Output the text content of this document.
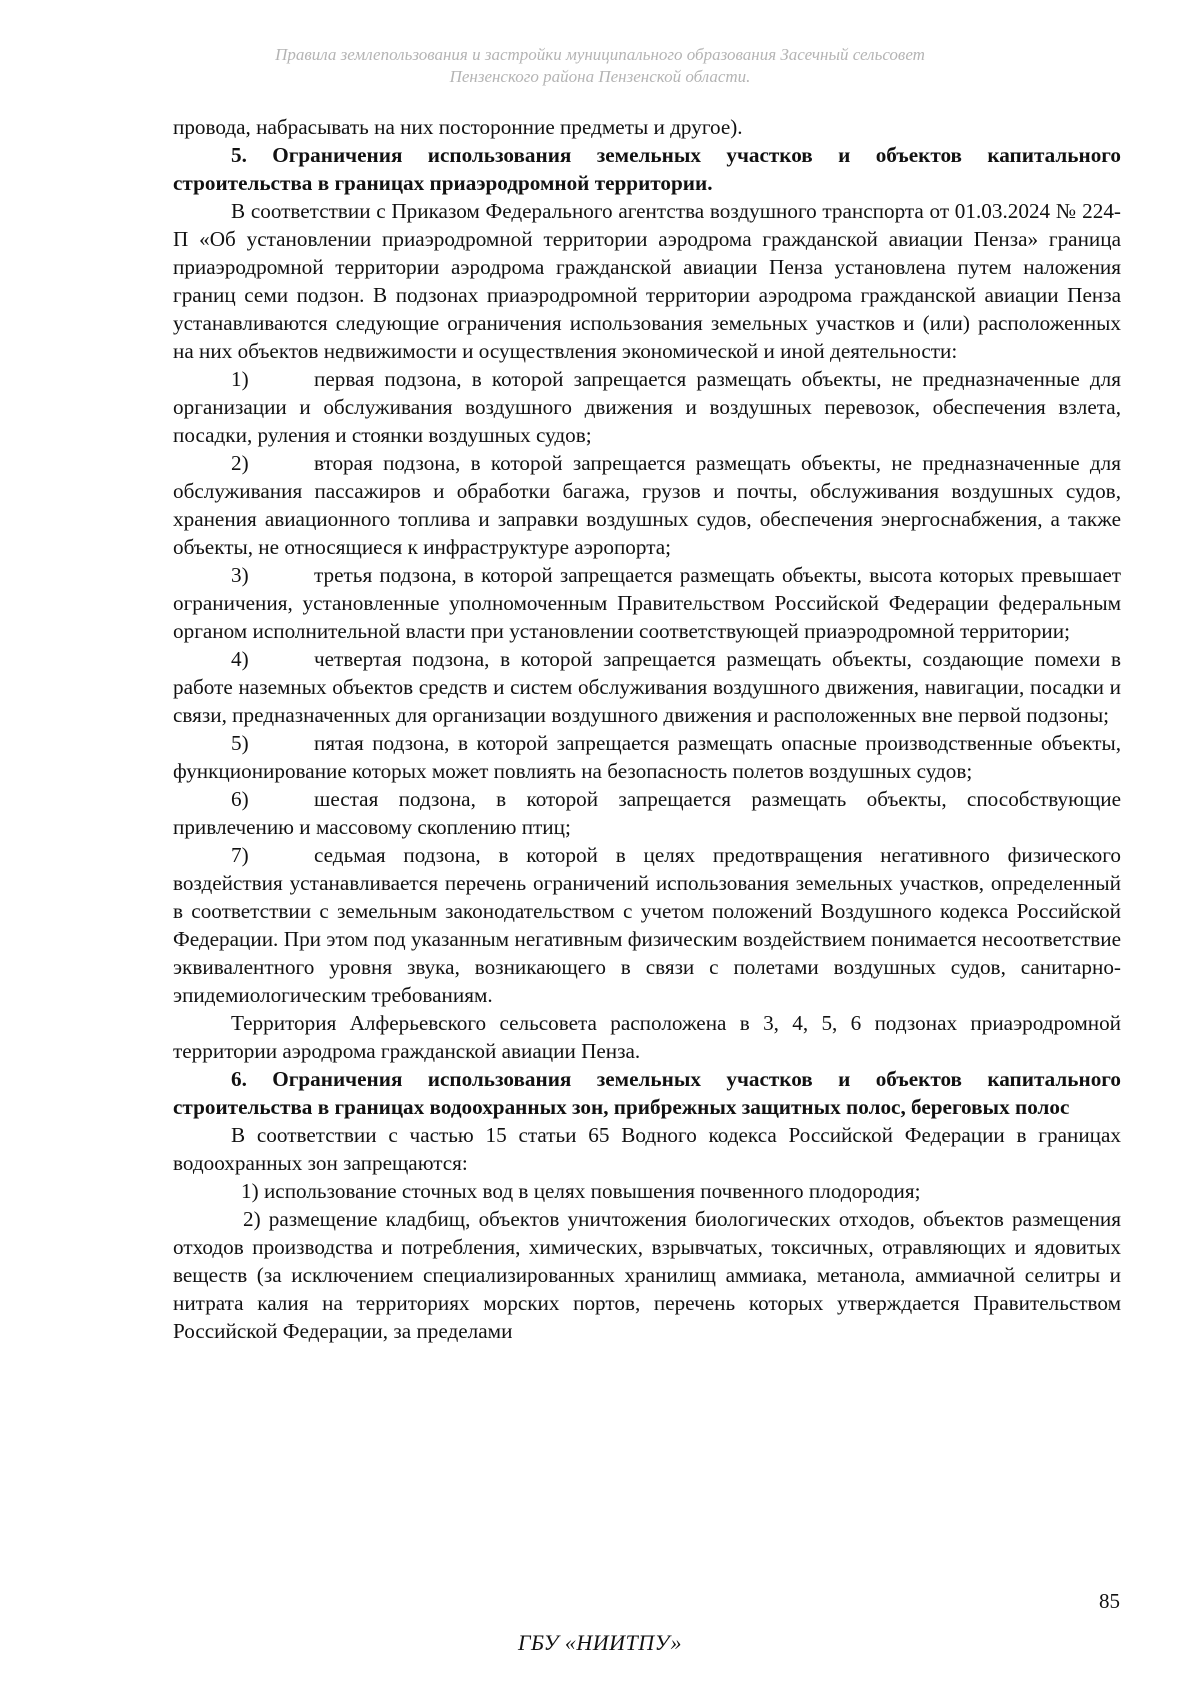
Правила землепользования и застройки муниципального образования Засечный сельсовет
Пензенского района Пензенской области.

провода, набрасывать на них посторонние предметы и другое).

5. Ограничения использования земельных участков и объектов капитального строительства в границах приаэродромной территории.

В соответствии с Приказом Федерального агентства воздушного транспорта от 01.03.2024 № 224-П «Об установлении приаэродромной территории аэродрома гражданской авиации Пенза» граница приаэродромной территории аэродрома гражданской авиации Пенза установлена путем наложения границ семи подзон. В подзонах приаэродромной территории аэродрома гражданской авиации Пенза устанавливаются следующие ограничения использования земельных участков и (или) расположенных на них объектов недвижимости и осуществления экономической и иной деятельности:

1)	первая подзона, в которой запрещается размещать объекты, не предназначенные для организации и обслуживания воздушного движения и воздушных перевозок, обеспечения взлета, посадки, руления и стоянки воздушных судов;

2)	вторая подзона, в которой запрещается размещать объекты, не предназначенные для обслуживания пассажиров и обработки багажа, грузов и почты, обслуживания воздушных судов, хранения авиационного топлива и заправки воздушных судов, обеспечения энергоснабжения, а также объекты, не относящиеся к инфраструктуре аэропорта;

3)	третья подзона, в которой запрещается размещать объекты, высота которых превышает ограничения, установленные уполномоченным Правительством Российской Федерации федеральным органом исполнительной власти при установлении соответствующей приаэродромной территории;

4)	четвертая подзона, в которой запрещается размещать объекты, создающие помехи в работе наземных объектов средств и систем обслуживания воздушного движения, навигации, посадки и связи, предназначенных для организации воздушного движения и расположенных вне первой подзоны;

5)	пятая подзона, в которой запрещается размещать опасные производственные объекты, функционирование которых может повлиять на безопасность полетов воздушных судов;

6)	шестая подзона, в которой запрещается размещать объекты, способствующие привлечению и массовому скоплению птиц;

7)	седьмая подзона, в которой в целях предотвращения негативного физического воздействия устанавливается перечень ограничений использования земельных участков, определенный в соответствии с земельным законодательством с учетом положений Воздушного кодекса Российской Федерации. При этом под указанным негативным физическим воздействием понимается несоответствие эквивалентного уровня звука, возникающего в связи с полетами воздушных судов, санитарно-эпидемиологическим требованиям.

Территория Алферьевского сельсовета расположена в 3, 4, 5, 6 подзонах приаэродромной территории аэродрома гражданской авиации Пенза.

6. Ограничения использования земельных участков и объектов капитального строительства в границах водоохранных зон, прибрежных защитных полос, береговых полос

В соответствии с частью 15 статьи 65 Водного кодекса Российской Федерации в границах водоохранных зон запрещаются:

1) использование сточных вод в целях повышения почвенного плодородия;

2) размещение кладбищ, объектов уничтожения биологических отходов, объектов размещения отходов производства и потребления, химических, взрывчатых, токсичных, отравляющих и ядовитых веществ (за исключением специализированных хранилищ аммиака, метанола, аммиачной селитры и нитрата калия на территориях морских портов, перечень которых утверждается Правительством Российской Федерации, за пределами

85
ГБУ «НИИТПУ»
